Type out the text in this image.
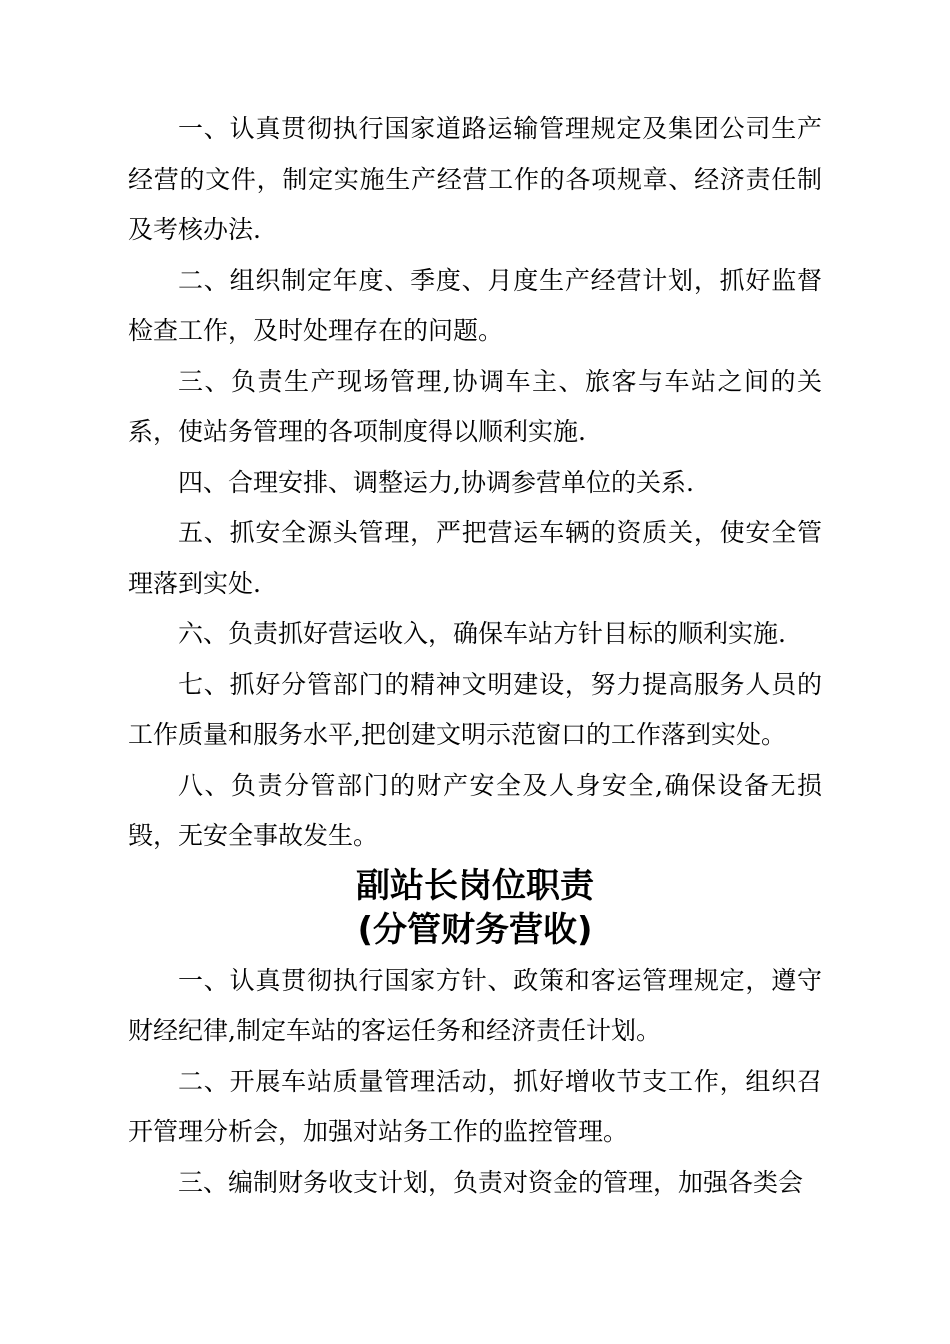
一、认真贯彻执行国家道路运输管理规定及集团公司生产经营的文件，制定实施生产经营工作的各项规章、经济责任制及考核办法.

二、组织制定年度、季度、月度生产经营计划，抓好监督检查工作，及时处理存在的问题。

三、负责生产现场管理,协调车主、旅客与车站之间的关系，使站务管理的各项制度得以顺利实施.

四、合理安排、调整运力,协调参营单位的关系.

五、抓安全源头管理，严把营运车辆的资质关，使安全管理落到实处.

六、负责抓好营运收入，确保车站方针目标的顺利实施.

七、抓好分管部门的精神文明建设，努力提高服务人员的工作质量和服务水平,把创建文明示范窗口的工作落到实处。

八、负责分管部门的财产安全及人身安全,确保设备无损毁，无安全事故发生。

副站长岗位职责
(分管财务营收)

一、认真贯彻执行国家方针、政策和客运管理规定，遵守财经纪律,制定车站的客运任务和经济责任计划。

二、开展车站质量管理活动，抓好增收节支工作，组织召开管理分析会，加强对站务工作的监控管理。

三、编制财务收支计划，负责对资金的管理，加强各类会
